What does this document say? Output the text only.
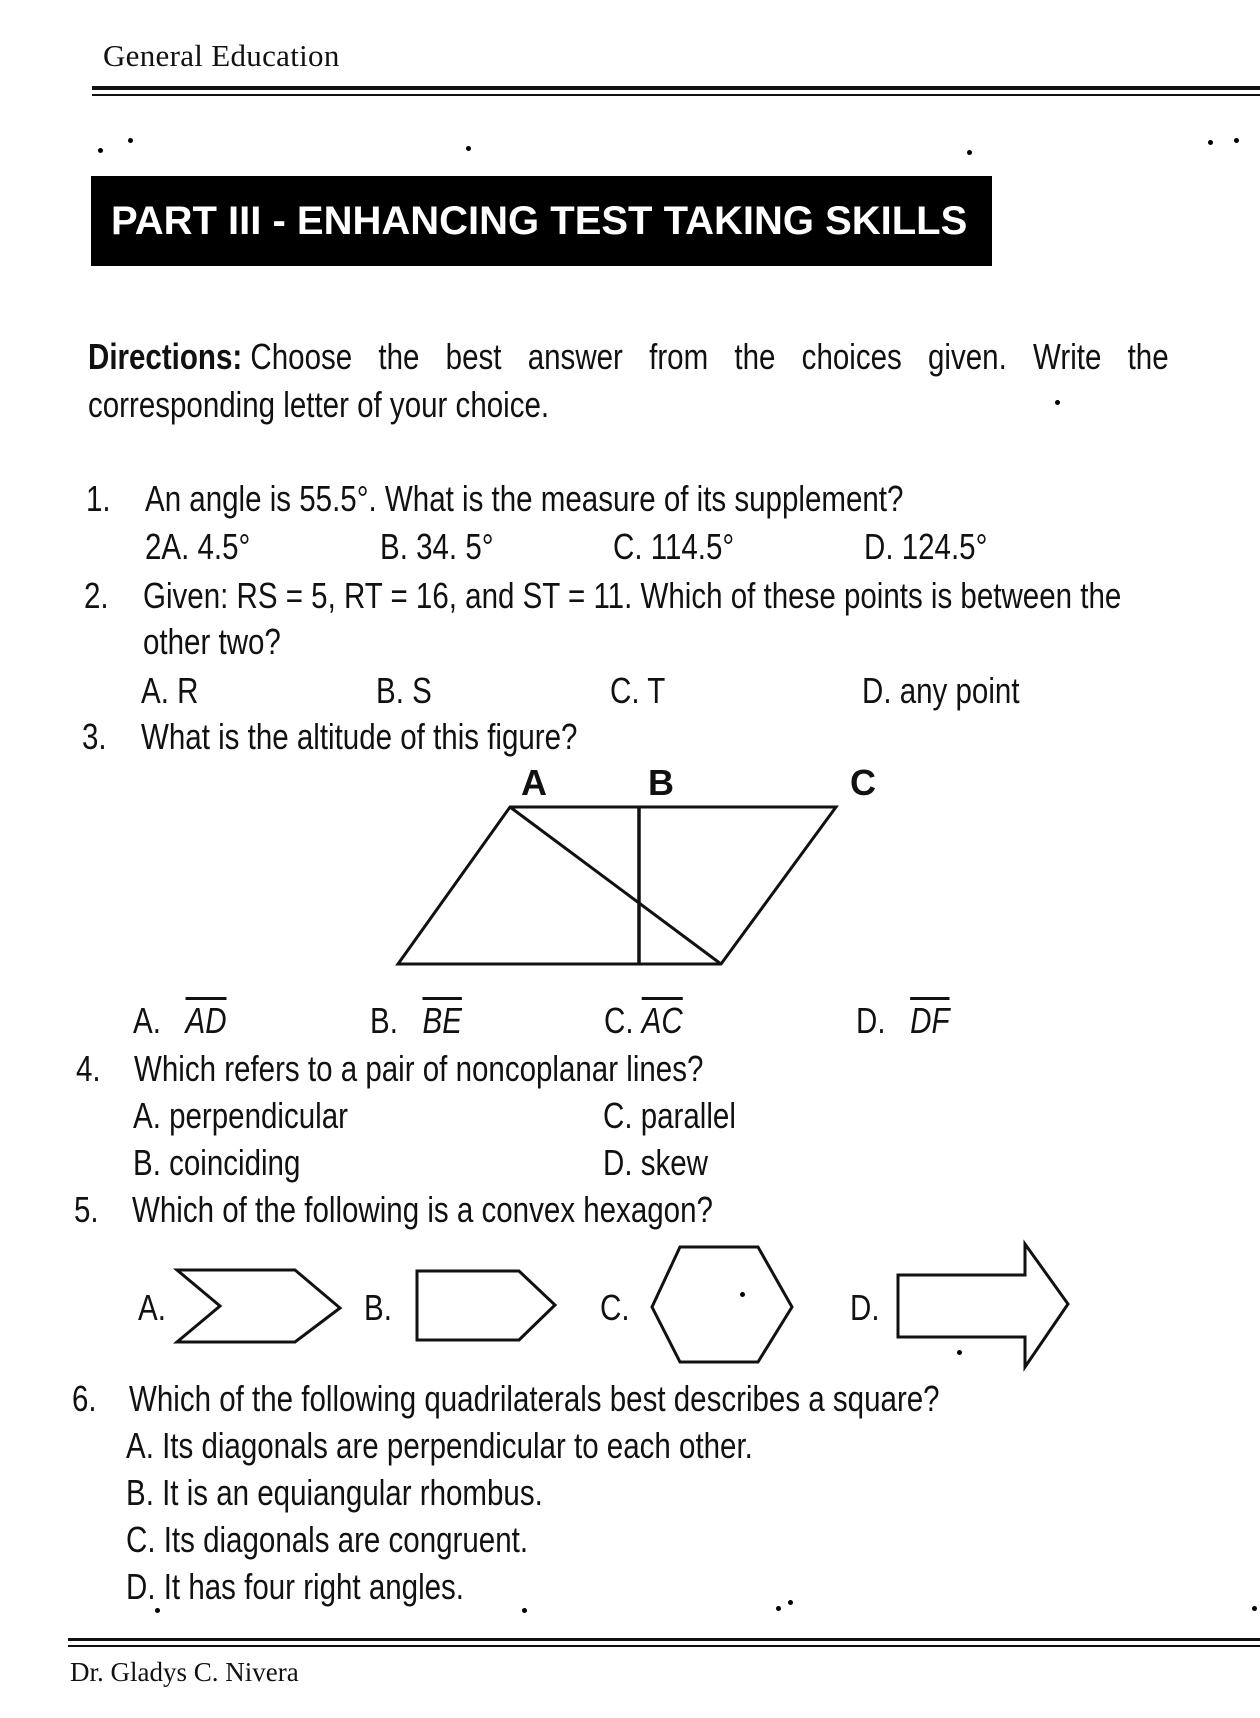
General Education
PART III - ENHANCING TEST TAKING SKILLS
Directions: Choose the best answer from the choices given. Write the
corresponding letter of your choice.
1. An angle is 55.5°. What is the measure of its supplement?
2A. 4.5°	B. 34. 5°	C. 114.5°	D. 124.5°
2. Given: RS = 5, RT = 16, and ST = 11. Which of these points is between the
other two?
A. R	B. S	C. T	D. any point
3. What is the altitude of this figure?
A	B	C
A. $\overline{AD}$	B. $\overline{BE}$	C. $\overline{AC}$	D. $\overline{DF}$
4. Which refers to a pair of noncoplanar lines?
A. perpendicular	C. parallel
B. coinciding	D. skew
5. Which of the following is a convex hexagon?
A.	B.	C.	D.
6. Which of the following quadrilaterals best describes a square?
A. Its diagonals are perpendicular to each other.
B. It is an equiangular rhombus.
C. Its diagonals are congruent.
D. It has four right angles.
Dr. Gladys C. Nivera
